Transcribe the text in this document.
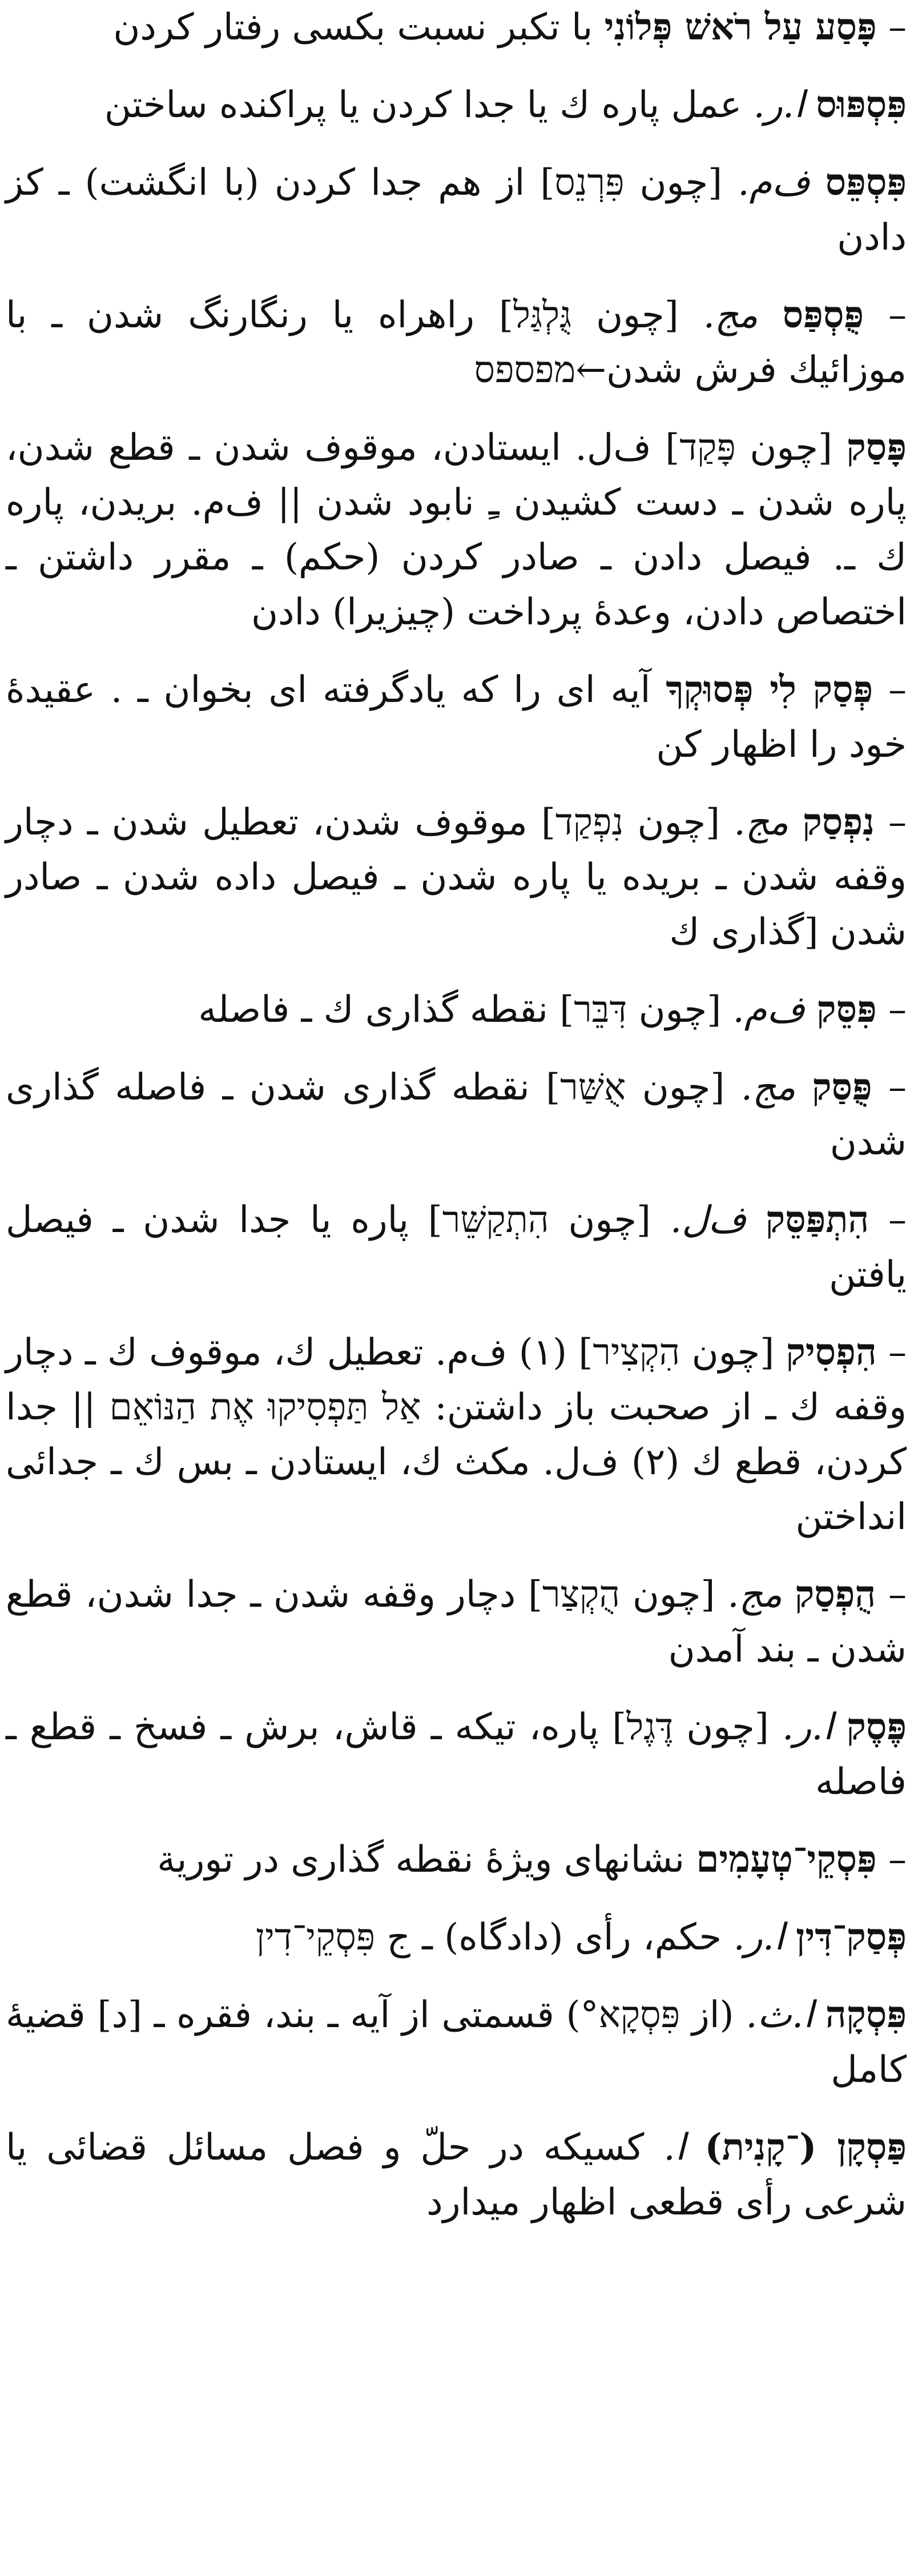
– פָּסַע עַל רֹאשׁ פְּלוֹנִי با تکبر نسبت بکسی رفتار کردن

פִּסְפּוּס ا.ر. عمل پاره ك یا جدا کردن یا پراکنده ساختن

פִּסְפֵּס ف‌م. [چون פִּרְנֵס] از هم جدا کردن (با انگشت) ـ كز دادن

– פֻּסְפַּס مج. [چون גֻּלְגַּל] راهراه یا رنگارنگ شدن ـ با موزائیك فرش شدن←מפספס

פָּסַק [چون פָּקַד] ف‌ل. ایستادن، موقوف شدن ـ قطع شدن، پاره شدن ـ دست کشیدن ـِ نابود شدن || ف‌م. بریدن، پاره ك ـ. فیصل دادن ـ صادر کردن (حکم) ـ مقرر داشتن ـ اختصاص دادن، وعدهٔ پرداخت (چیزیرا) دادن

– פְּסַק לִי פְּסוּקְךָ آیه ای را که یادگرفته ای بخوان ـ . عقیدهٔ خود را اظهار کن

– נִפְסַק مج. [چون נִפְקַד] موقوف شدن، تعطیل شدن ـ دچار وقفه شدن ـ بریده یا پاره شدن ـ فیصل داده شدن ـ صادر شدن [گذاری ك

– פִּסֵּק ف‌م. [چون דִּבֵּר] نقطه گذاری ك ـ فاصله

– פֻּסַּק مج. [چون אֻשַּׁר] نقطه گذاری شدن ـ فاصله گذاری شدن

– הִתְפַּסֵּק ف‌ل. [چون הִתְקַשֵּׁר] پاره یا جدا شدن ـ فیصل یافتن

– הִפְסִיק [چون הִקְצִיר] (۱) ف‌م. تعطیل ك، موقوف ك ـ دچار وقفه ك ـ از صحبت باز داشتن: אַל תַּפְסִיקוּ אֶת הַנּוֹאֵם || جدا کردن، قطع ك (۲) ف‌ل. مکث ك، ایستادن ـ بس ك ـ جدائی انداختن

– הֻפְסַק مج. [چون הֻקְצַר] دچار وقفه شدن ـ جدا شدن، قطع شدن ـ بند آمدن

פֶּסֶק ا.ر. [چون דֶּגֶל] پاره، تیکه ـ قاش، برش ـ فسخ ـ قطع ـ فاصله

– פִּסְקֵי־טְעָמִים نشانهای ویژهٔ نقطه گذاری در توریة

פְּסַק־דִּין ا.ر. حکم، رأی (دادگاه) ـ ج פִּסְקֵי־דִין

פִּסְקָה ا.ث. (از פִּסְקָא°) قسمتی از آیه ـ بند، فقره ـ [د] قضیهٔ کامل

פַּסְקָן (־קָנִית) ا. کسیکه در حلّ و فصل مسائل قضائی یا شرعی رأی قطعی اظهار میدارد
